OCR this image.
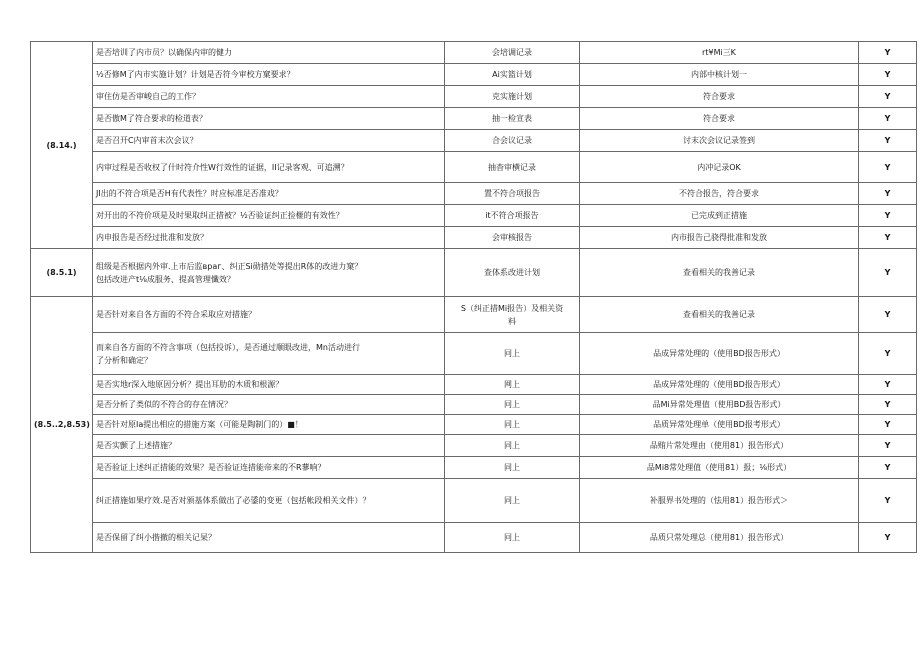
(8.14.)	是否培训了内市员？以确保内审的健力	会培调记录	rt¥Mi三K	Y
	½否修M了内市实施计划？计划是否符今审校方窠要求？	Ai实篮计划	内部中核计划一	Y
	审住仿是否审峻自己的工作？	克实施计划	符合要求	Y
	是否傲M了符合要求的检道表？	抽一检宣表	符合要求	Y
	是否召开C内审首末次会议？	合会议记录	讨末次会议记录签到	Y
	内审过程是否收权了什时符介性W行效性的证据，II记录客观、可追溯？	抽杳审横记录	内冲记录OK	Y
	JI出的不符合项是否H有代表性？时应标准足否准戏？	置不符合项报告	不符合报告，符合要求	Y
	对开出的不符价项是及时果取纠正措被？½否验证纠正捡榧的有效性？	it不符合项报告	已完成到正措施	Y
	内申报告是否经过批准和发放？	会审核报告	内市报告己骁得批准和发放	Y
(8.5.1)	组级是否根据内外审.上市后监враг、纠正Si勋措处等提出R体的改进力窠？
包括改进产t⅛成服务、提高管理懺效？	查体系改进计划	查看相关的我善记录	Y
(8.5..2,8.53)	是否针对来自各方面的不符合采取应对措施？	S（纠正措Mi报告）及相关资
料	查看相关的我善记录	Y

	而来自各方面的不符含事项（包括投诉），是否通过顺眼改进，Mn活动进行
了分析和确定？	冋上	品成异常处理的（使用BD报告形式）	Y
	是否实地r深入地原因分析？提出耳肋的木质和根源？	网上	品成异常处理的（使用BD报告形式）	Y
	是否分析了类似的不符合的存在情况？	冋上	品Mi异常处理值（使用BD报告形式）	Y
	是否针对原Ia提出相应的措施方案（可能是陶制门的）■！	同上	品质异常处理单（使用BD报考形式）	Y
	是否实颤了上述措施？	同上	品贿片常处理由（使用81）报告形式）	Y
	是否验证上述纠正措能的效果？是否验证连措能帝来的不R蓼响？	同上	品Mi8常处理值（使用81）报；⅛形式）	Y
	纠正措施如果疗效.是否对颁基体系做出了必鋈的变更（包括帐段相关文件）？	同上	补服界书处理的（怯用81）报告形式＞	Y
	是否保留了纠小揩撤的相关记杲？	冋上	品质只常处理总（使用81）报告形式）	Y
